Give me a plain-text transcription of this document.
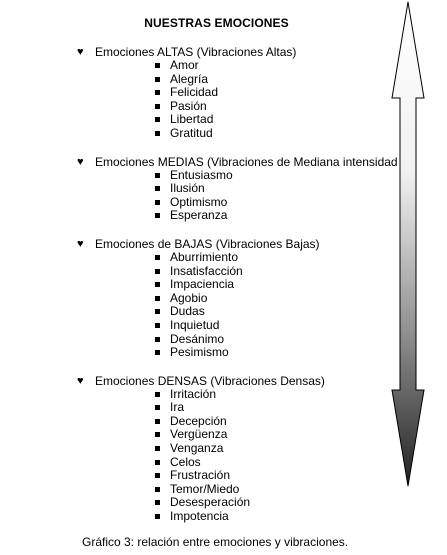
NUESTRAS EMOCIONES
♥ Emociones ALTAS (Vibraciones Altas)
Amor
Alegría
Felicidad
Pasión
Libertad
Gratitud
♥ Emociones MEDIAS (Vibraciones de Mediana intensidad
Entusiasmo
Ilusión
Optimismo
Esperanza
♥ Emociones de BAJAS (Vibraciones Bajas)
Aburrimiento
Insatisfacción
Impaciencia
Agobio
Dudas
Inquietud
Desánimo
Pesimismo
♥ Emociones DENSAS (Vibraciones Densas)
Irritación
Ira
Decepción
Vergüenza
Venganza
Celos
Frustración
Temor/Miedo
Desesperación
Impotencia
Gráfico 3: relación entre emociones y vibraciones.
